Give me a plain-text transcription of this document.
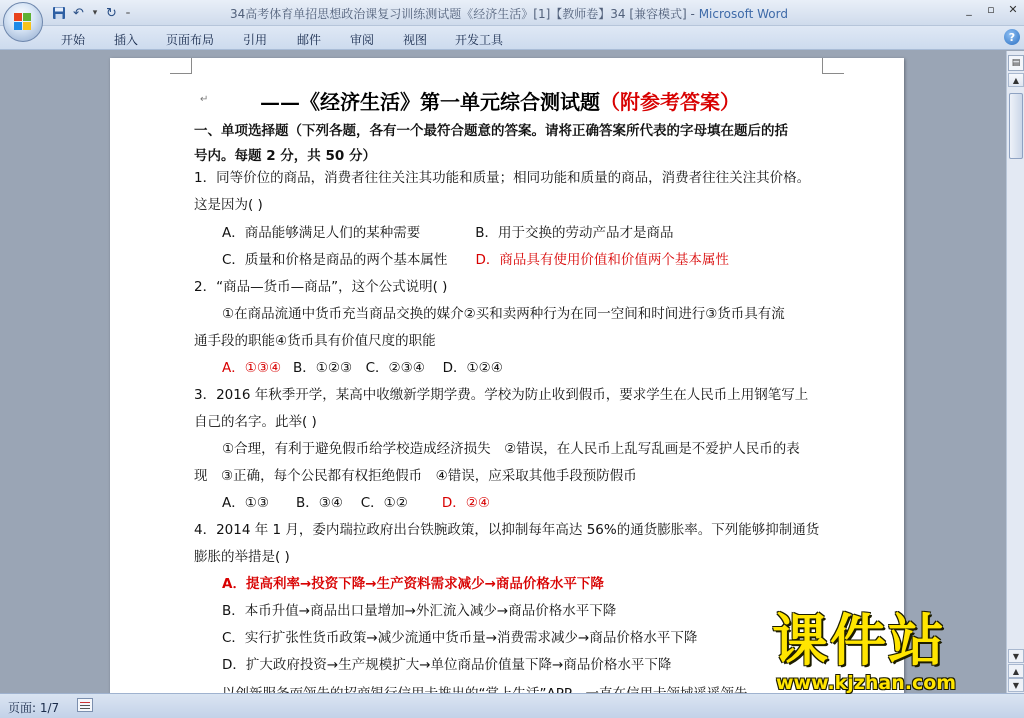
↶ ▾ ↻ ₌	34高考体育单招思想政治课复习训练测试题《经济生活》[1]【教师卷】34 [兼容模式] - Microsoft Word	_	▫	✕
开始 插入 页面布局 引用 邮件 审阅 视图 开发工具	?
——《经济生活》第一单元综合测试题（附参考答案）
↵
一、单项选择题（下列各题，各有一个最符合题意的答案。请将正确答案所代表的字母填在题后的括
号内。每题 2 分，共 50 分）
1．同等价位的商品，消费者往往关注其功能和质量；相同功能和质量的商品，消费者往往关注其价格。
这是因为( )
A．商品能够满足人们的某种需要	B．用于交换的劳动产品才是商品
C．质量和价格是商品的两个基本属性 D．商品具有使用价值和价值两个基本属性
2．“商品—货币—商品”，这个公式说明( )
①在商品流通中货币充当商品交换的媒介②买和卖两种行为在同一空间和时间进行③货币具有流
通手段的职能④货币具有价值尺度的职能
A．①③④ B．①②③　C．②③④　 D．①②④
3．2016 年秋季开学，某高中收缴新学期学费。学校为防止收到假币，要求学生在人民币上用钢笔写上
自己的名字。此举( )
①合理，有利于避免假币给学校造成经济损失　②错误，在人民币上乱写乱画是不爱护人民币的表
现　③正确，每个公民都有权拒绝假币　④错误，应采取其他手段预防假币
A．①③　　B．③④　 C．①②	D．②④
4．2014 年 1 月，委内瑞拉政府出台铁腕政策，以抑制每年高达 56%的通货膨胀率。下列能够抑制通货
膨胀的举措是( )
A．提高利率→投资下降→生产资料需求减少→商品价格水平下降
B．本币升值→商品出口量增加→外汇流入减少→商品价格水平下降
C．实行扩张性货币政策→减少流通中货币量→消费需求减少→商品价格水平下降
D．扩大政府投资→生产规模扩大→单位商品价值量下降→商品价格水平下降
▤
▲
▼
▲
▼
页面: 1/7
课件站
www.kjzhan.com
